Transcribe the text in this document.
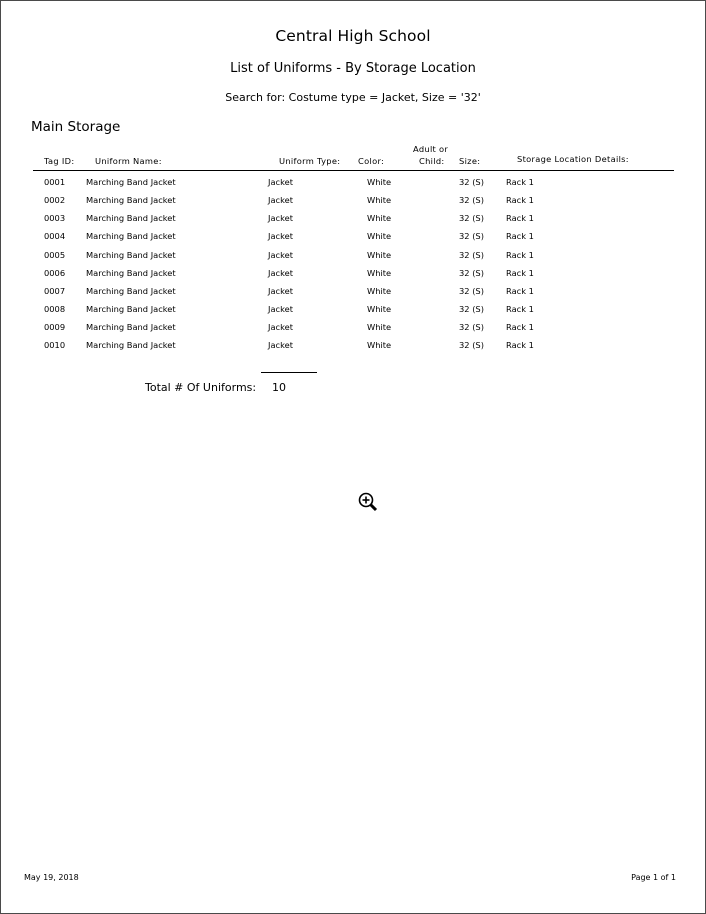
Central High School
List of Uniforms - By Storage Location
Search for: Costume type = Jacket, Size = '32'
Main Storage
Tag ID: Uniform Name:	Uniform Type: Color:
Adult or
Child: Size:	Storage Location Details:
0001	Marching Band Jacket	Jacket	White	32 (S)	Rack 1
0002	Marching Band Jacket	Jacket	White	32 (S)	Rack 1
0003	Marching Band Jacket	Jacket	White	32 (S)	Rack 1
0004	Marching Band Jacket	Jacket	White	32 (S)	Rack 1
0005	Marching Band Jacket	Jacket	White	32 (S)	Rack 1
0006	Marching Band Jacket	Jacket	White	32 (S)	Rack 1
0007	Marching Band Jacket	Jacket	White	32 (S)	Rack 1
0008	Marching Band Jacket	Jacket	White	32 (S)	Rack 1
0009	Marching Band Jacket	Jacket	White	32 (S)	Rack 1
0010	Marching Band Jacket	Jacket	White	32 (S)	Rack 1
Total # Of Uniforms: 10
May 19, 2018	Page 1 of 1
